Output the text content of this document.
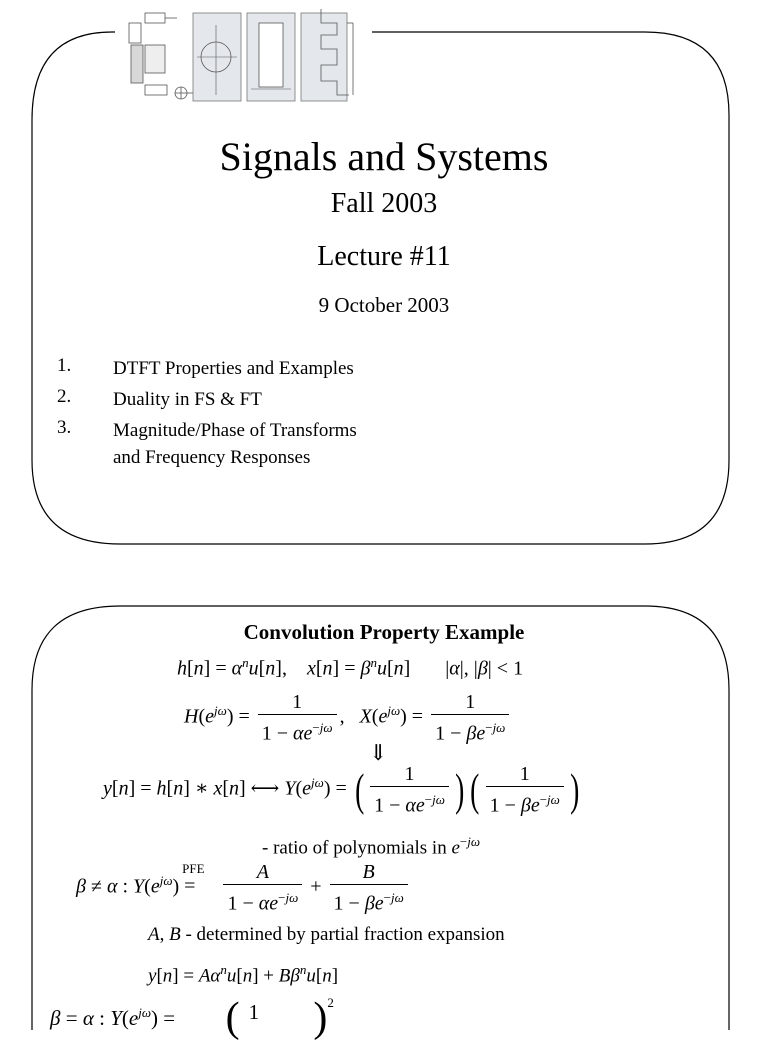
Signals and Systems
Fall 2003
Lecture #11
9 October 2003
1. DTFT Properties and Examples
2. Duality in FS & FT
3. Magnitude/Phase of Transforms
and Frequency Responses
Convolution Property Example
$h[n] = \alpha^nu[n]$,    $x[n] = \beta^nu[n]$       |α|, |β| < 1
$H(e^{j\omega}) = \frac{1}{1 - \alpha e^{-j\omega}}$ ,   $X(e^{j\omega}) = \frac{1}{1 - \beta e^{-j\omega}}$
⇓
y[n] = h[n] ∗ x[n] ⟷ $Y(e^{j\omega})$ = ( $\frac{1}{1 - \alpha e^{-j\omega}}$ ) ( $\frac{1}{1 - \beta e^{-j\omega}}$ )
- ratio of polynomials in $e^{-j\omega}$
β ≠ α : $Y(e^{j\omega})$
PFE
= $\frac{A}{1 - \alpha e^{-j\omega}} + \frac{B}{1 - \beta e^{-j\omega}}$
A, B - determined by partial fraction expansion
$y[n] = A\alpha^nu[n] + B\beta^nu[n]$
β = α : $Y(e^{j\omega})$ =  ( 1 )$^2$
